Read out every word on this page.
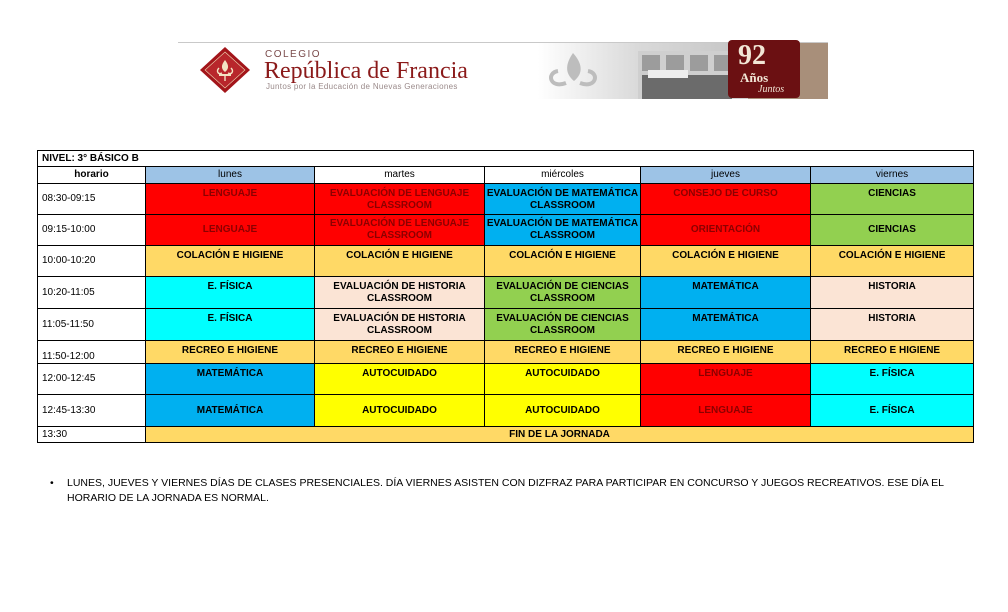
COLEGIO
República de Francia
Juntos por la Educación de Nuevas Generaciones
92
Años
Juntos
NIVEL: 3° BÁSICO B					
horario	lunes	martes	miércoles	jueves	viernes
08:30-09:15	LENGUAJE	EVALUACIÓN DE LENGUAJE CLASSROOM	EVALUACIÓN DE MATEMÁTICA CLASSROOM	CONSEJO DE CURSO	CIENCIAS
09:15-10:00	LENGUAJE	EVALUACIÓN DE LENGUAJE CLASSROOM	EVALUACIÓN DE MATEMÁTICA CLASSROOM	ORIENTACIÓN	CIENCIAS
10:00-10:20	COLACIÓN E HIGIENE	COLACIÓN E HIGIENE	COLACIÓN E HIGIENE	COLACIÓN E HIGIENE	COLACIÓN E HIGIENE
10:20-11:05	E. FÍSICA	EVALUACIÓN DE HISTORIA CLASSROOM	EVALUACIÓN DE CIENCIAS CLASSROOM	MATEMÁTICA	HISTORIA
11:05-11:50	E. FÍSICA	EVALUACIÓN DE HISTORIA CLASSROOM	EVALUACIÓN DE CIENCIAS CLASSROOM	MATEMÁTICA	HISTORIA
11:50-12:00	RECREO E HIGIENE	RECREO E HIGIENE	RECREO E HIGIENE	RECREO E HIGIENE	RECREO E HIGIENE
12:00-12:45	MATEMÁTICA	AUTOCUIDADO	AUTOCUIDADO	LENGUAJE	E. FÍSICA
12:45-13:30	MATEMÁTICA	AUTOCUIDADO	AUTOCUIDADO	LENGUAJE	E. FÍSICA
13:30	FIN DE LA JORNADA				
• LUNES, JUEVES Y VIERNES DÍAS DE CLASES PRESENCIALES. DÍA VIERNES ASISTEN CON DIZFRAZ PARA PARTICIPAR EN CONCURSO Y JUEGOS RECREATIVOS. ESE DÍA EL HORARIO DE LA JORNADA ES NORMAL.
